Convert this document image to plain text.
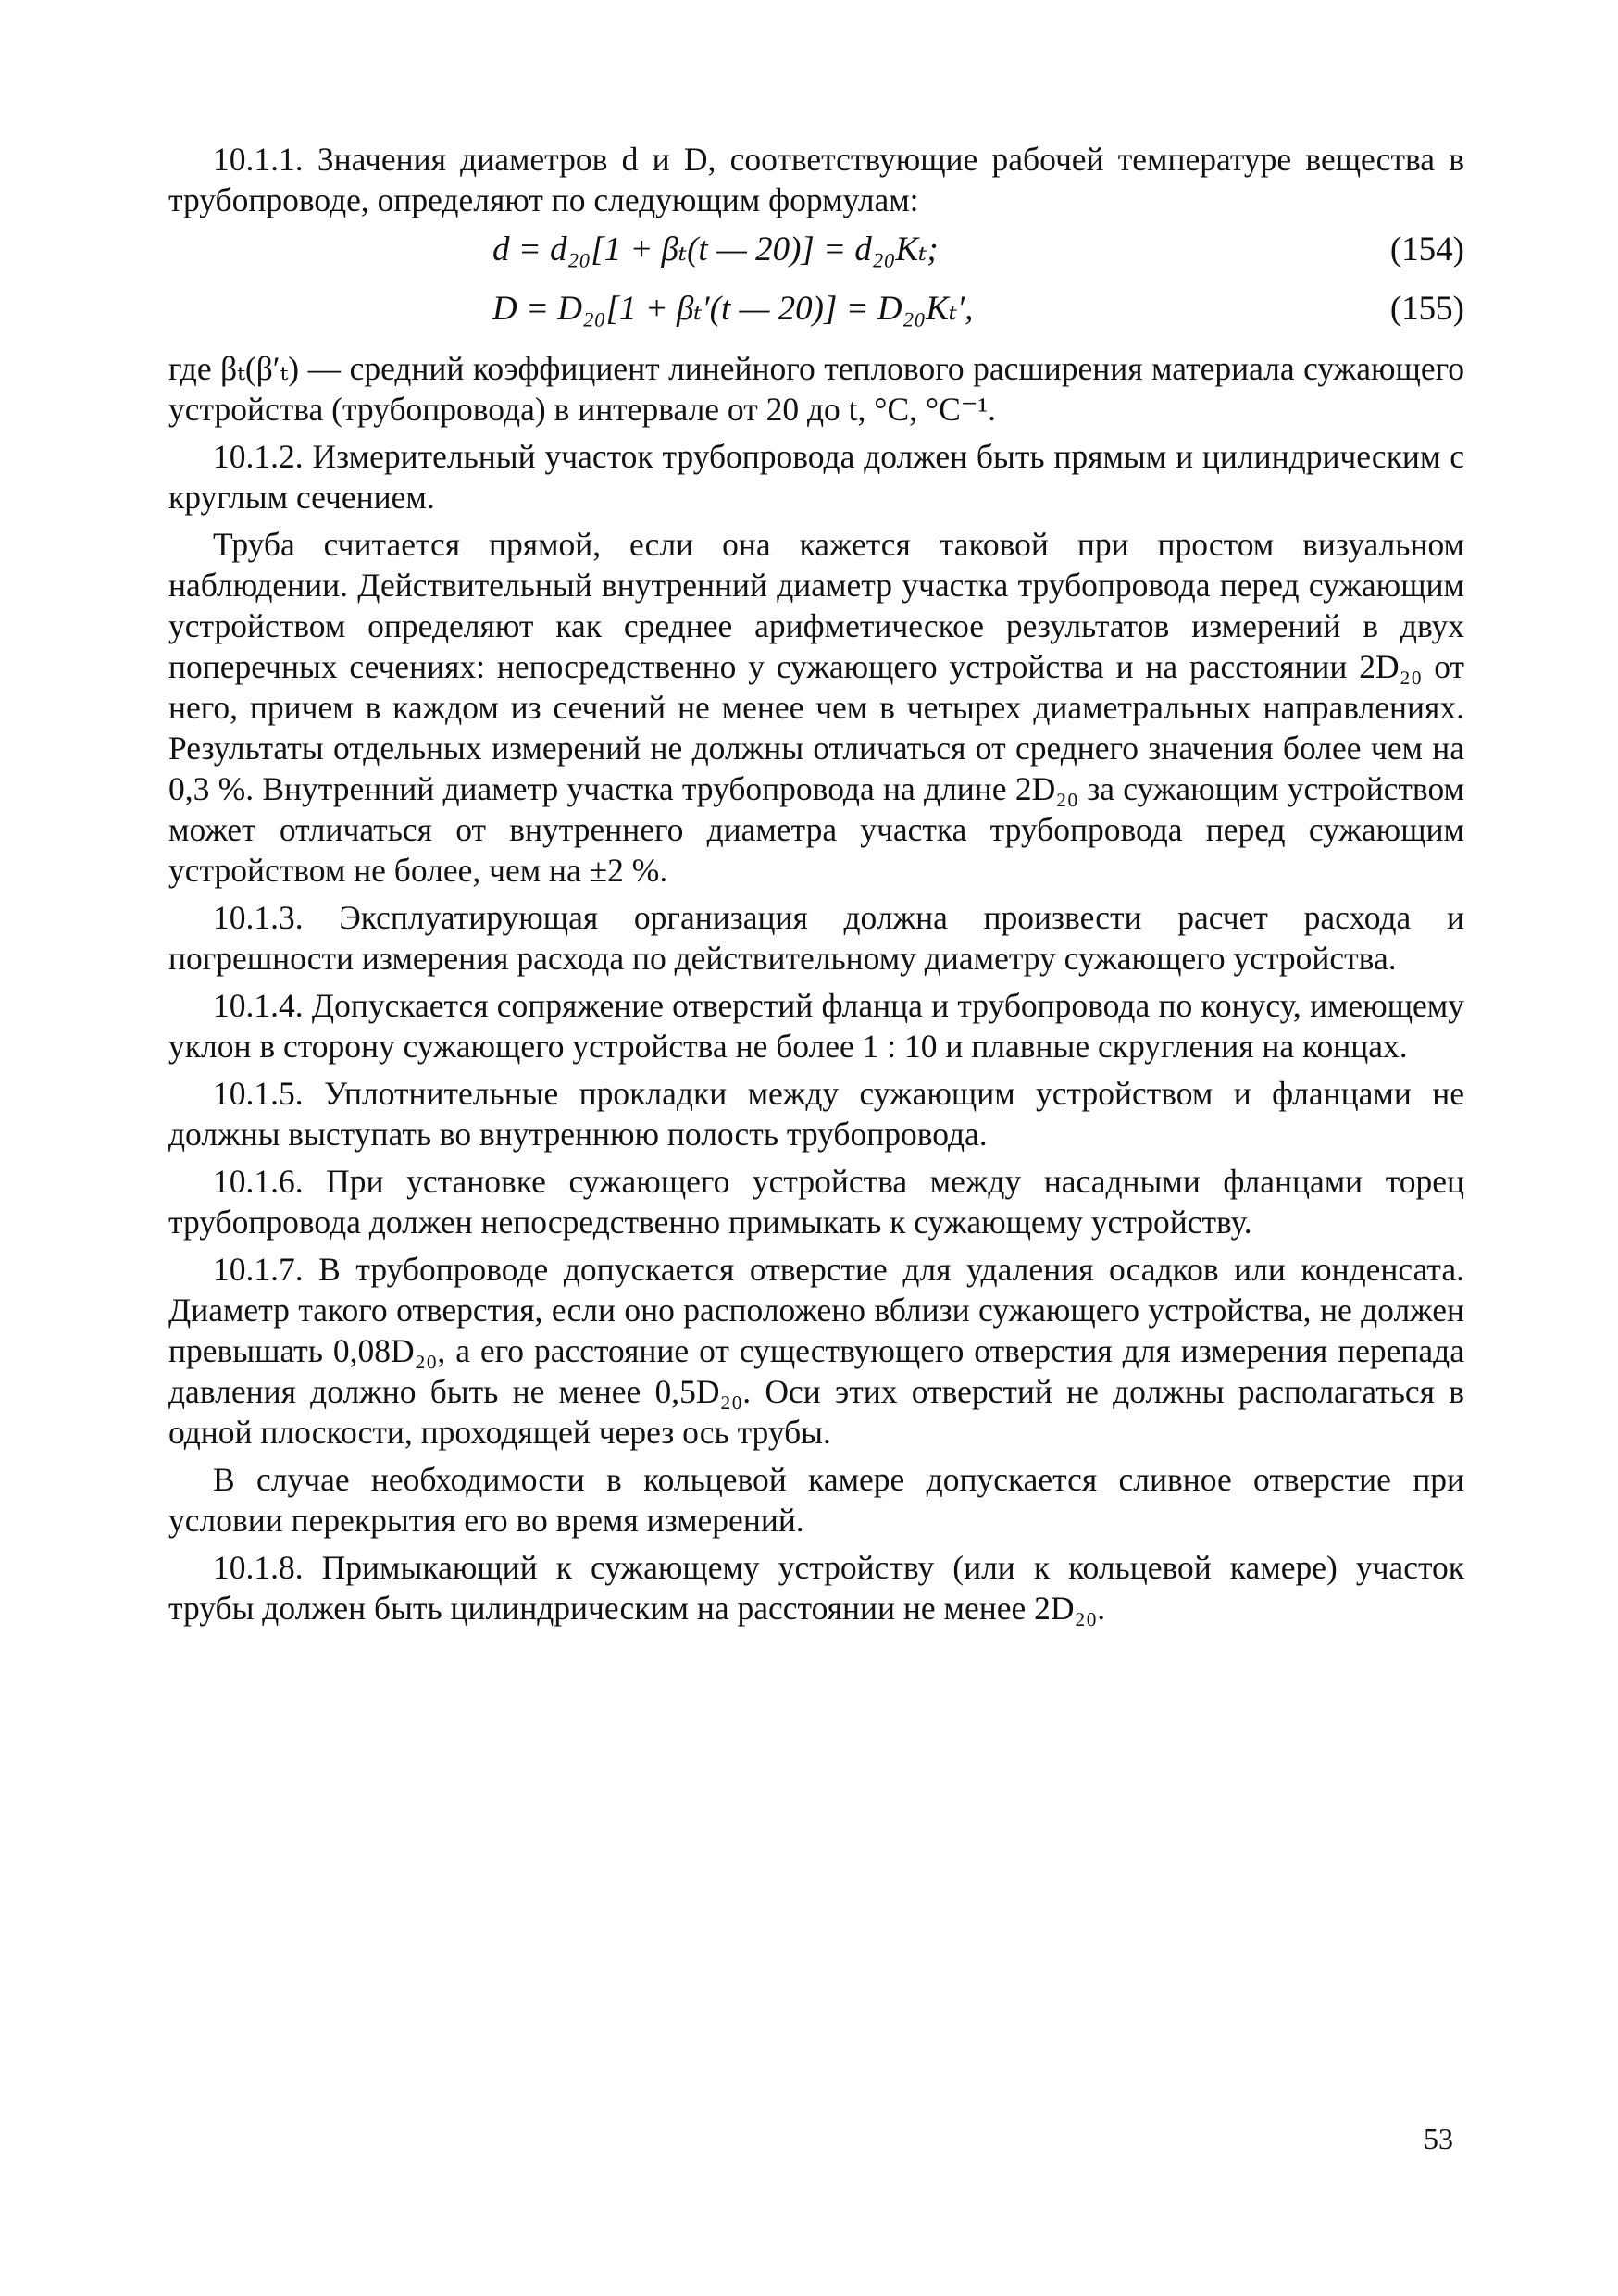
10.1.1. Значения диаметров d и D, соответствующие рабочей температуре вещества в трубопроводе, определяют по следующим формулам:

d = d₂₀[1 + βₜ(t — 20)] = d₂₀Kₜ;	(154)
D = D₂₀[1 + βₜ′(t — 20)] = D₂₀Kₜ′,	(155)

где βₜ(β′ₜ) — средний коэффициент линейного теплового расширения материала сужающего устройства (трубопровода) в интервале от 20 до t, °С, °С⁻¹.

10.1.2. Измерительный участок трубопровода должен быть прямым и цилиндрическим с круглым сечением.

Труба считается прямой, если она кажется таковой при простом визуальном наблюдении. Действительный внутренний диаметр участка трубопровода перед сужающим устройством определяют как среднее арифметическое результатов измерений в двух поперечных сечениях: непосредственно у сужающего устройства и на расстоянии 2D₂₀ от него, причем в каждом из сечений не менее чем в четырех диаметральных направлениях. Результаты отдельных измерений не должны отличаться от среднего значения более чем на 0,3 %. Внутренний диаметр участка трубопровода на длине 2D₂₀ за сужающим устройством может отличаться от внутреннего диаметра участка трубопровода перед сужающим устройством не более, чем на ±2 %.

10.1.3. Эксплуатирующая организация должна произвести расчет расхода и погрешности измерения расхода по действительному диаметру сужающего устройства.

10.1.4. Допускается сопряжение отверстий фланца и трубопровода по конусу, имеющему уклон в сторону сужающего устройства не более 1 : 10 и плавные скругления на концах.

10.1.5. Уплотнительные прокладки между сужающим устройством и фланцами не должны выступать во внутреннюю полость трубопровода.

10.1.6. При установке сужающего устройства между насадными фланцами торец трубопровода должен непосредственно примыкать к сужающему устройству.

10.1.7. В трубопроводе допускается отверстие для удаления осадков или конденсата. Диаметр такого отверстия, если оно расположено вблизи сужающего устройства, не должен превышать 0,08D₂₀, а его расстояние от существующего отверстия для измерения перепада давления должно быть не менее 0,5D₂₀. Оси этих отверстий не должны располагаться в одной плоскости, проходящей через ось трубы.

В случае необходимости в кольцевой камере допускается сливное отверстие при условии перекрытия его во время измерений.

10.1.8. Примыкающий к сужающему устройству (или к кольцевой камере) участок трубы должен быть цилиндрическим на расстоянии не менее 2D₂₀.

53
